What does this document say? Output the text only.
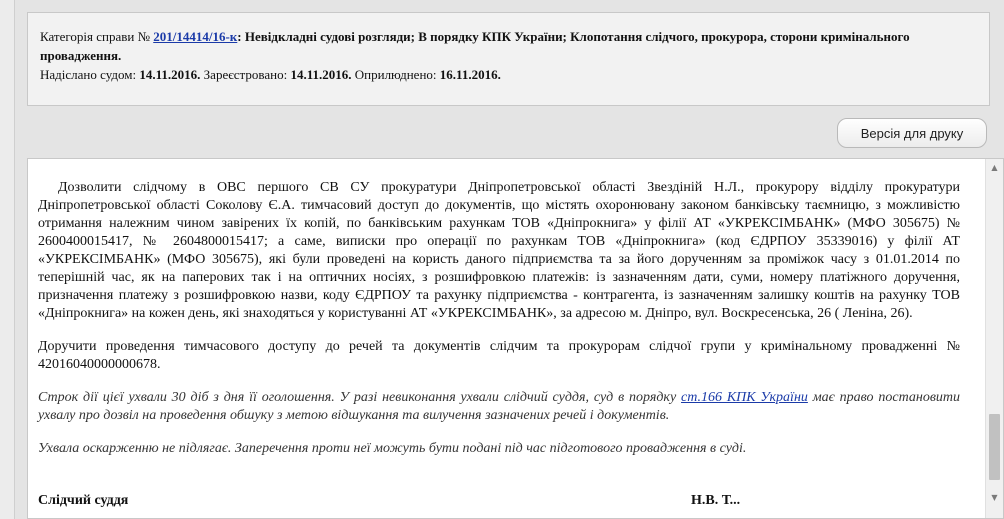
Категорія справи № 201/14414/16-к: Невідкладні судові розгляди; В порядку КПК України; Клопотання слідчого, прокурора, сторони кримінального провадження.
Надіслано судом: 14.11.2016. Зареєстровано: 14.11.2016. Оприлюднено: 16.11.2016.
Версія для друку

Дозволити слідчому в ОВС першого СВ СУ прокуратури Дніпропетровської області Звездіній Н.Л., прокурору відділу прокуратури Дніпропетровської області Соколову Є.А. тимчасовий доступ до документів, що містять охоронювану законом банківську таємницю, з можливістю отримання належним чином завірених їх копій, по банківським рахункам ТОВ «Дніпрокнига» у філії АТ «УКРЕКСІМБАНК» (МФО 305675) № 2600400015417, № 2604800015417; а саме, виписки про операції по рахункам ТОВ «Дніпрокнига» (код ЄДРПОУ 35339016) у філії АТ «УКРЕКСІМБАНК» (МФО 305675), які були проведені на користь даного підприємства та за його дорученням за проміжок часу з 01.01.2014 по теперішній час, як на паперових так і на оптичних носіях, з розшифровкою платежів: із зазначенням дати, суми, номеру платіжного доручення, призначення платежу з розшифровкою назви, коду ЄДРПОУ та рахунку підприємства - контрагента, із зазначенням залишку коштів на рахунку ТОВ «Дніпрокнига» на кожен день, які знаходяться у користуванні АТ «УКРЕКСІМБАНК», за адресою м. Дніпро, вул. Воскресенська, 26 ( Леніна, 26).

Доручити проведення тимчасового доступу до речей та документів слідчим та прокурорам слідчої групи у кримінальному провадженні № 42016040000000678.

Строк дії цієї ухвали 30 діб з дня її оголошення. У разі невиконання ухвали слідчий суддя, суд в порядку ст.166 КПК України має право постановити ухвалу про дозвіл на проведення обшуку з метою відшукання та вилучення зазначених речей і документів.

Ухвала оскарженню не підлягає. Заперечення проти неї можуть бути подані під час підготового провадження в суді.

Слідчий суддя	Н.В. Т...
▲
▼
